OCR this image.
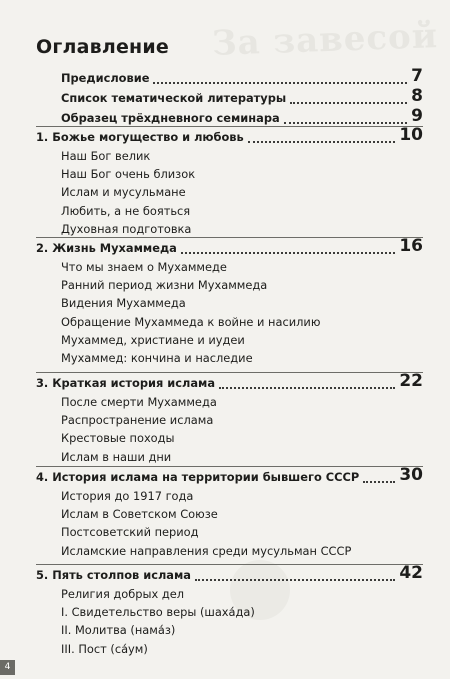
За завесой
Оглавление
Предисловие	7
Список тематической литературы	8
Образец трёхдневного семинара	9
1. Божье могущество и любовь	10
Наш Бог велик
Наш Бог очень близок
Ислам и мусульмане
Любить, а не бояться
Духовная подготовка
2. Жизнь Мухаммеда	16
Что мы знаем о Мухаммеде
Ранний период жизни Мухаммеда
Видения Мухаммеда
Обращение Мухаммеда к войне и насилию
Мухаммед, христиане и иудеи
Мухаммед: кончина и наследие
3. Краткая история ислама	22
После смерти Мухаммеда
Распространение ислама
Крестовые походы
Ислам в наши дни
4. История ислама на территории бывшего СССР 30
История до 1917 года
Ислам в Советском Союзе
Постсоветский период
Исламские направления среди мусульман СССР
5. Пять столпов ислама	42
Религия добрых дел
I. Свидетельство веры (шаха́да)
II. Молитва (нама́з)
III. Пост (са́ум)
4
